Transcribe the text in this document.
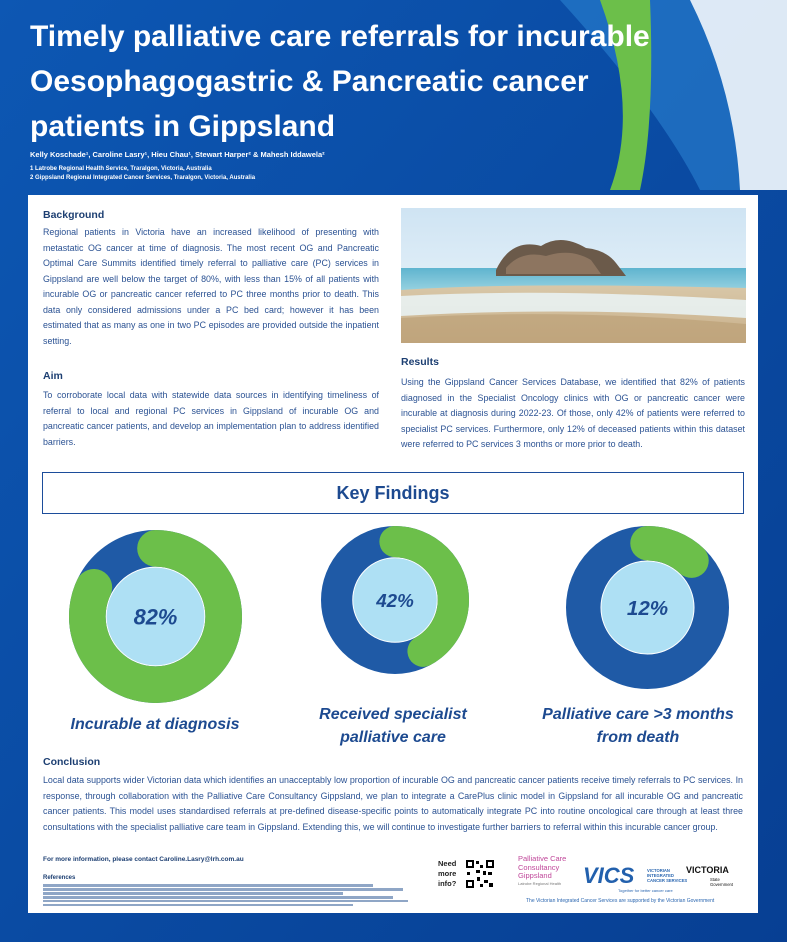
Timely palliative care referrals for incurable Oesophagogastric & Pancreatic cancer patients in Gippsland
Kelly Koschade¹, Caroline Lasry¹, Hieu Chau¹, Stewart Harper² & Mahesh Iddawela²
1 Latrobe Regional Health Service, Traralgon, Victoria, Australia
2 Gippsland Regional Integrated Cancer Services, Traralgon, Victoria, Australia
Background

Regional patients in Victoria have an increased likelihood of presenting with metastatic OG cancer at time of diagnosis. The most recent OG and Pancreatic Optimal Care Summits identified timely referral to palliative care (PC) services in Gippsland are well below the target of 80%, with less than 15% of all patients with incurable OG or pancreatic cancer referred to PC three months prior to death. This data only considered admissions under a PC bed card; however it has been estimated that as many as one in two PC episodes are provided outside the inpatient setting.

Aim

To corroborate local data with statewide data sources in identifying timeliness of referral to local and regional PC services in Gippsland of incurable OG and pancreatic cancer patients, and develop an implementation plan to address identified barriers.

Results

Using the Gippsland Cancer Services Database, we identified that 82% of patients diagnosed in the Specialist Oncology clinics with OG or pancreatic cancer were incurable at diagnosis during 2022-23. Of those, only 42% of patients were referred to specialist PC services. Furthermore, only 12% of deceased patients within this dataset were referred to PC services 3 months or more prior to death.

Key Findings
82%
42%	12%
Incurable at diagnosis
Received specialist palliative care
Palliative care >3 months from death
Conclusion

Local data supports wider Victorian data which identifies an unacceptably low proportion of incurable OG and pancreatic cancer patients receive timely referrals to PC services. In response, through collaboration with the Palliative Care Consultancy Gippsland, we plan to integrate a CarePlus clinic model in Gippsland for all incurable OG and pancreatic cancer patients. This model uses standardised referrals at pre-defined disease-specific points to automatically integrate PC into routine oncological care through at least three consultations with the specialist palliative care team in Gippsland. Extending this, we will continue to investigate further barriers to referral within this incurable cancer group.

For more information, please contact Caroline.Lasry@lrh.com.au
References
Need more info?
Palliative Care
Consultancy
Gippsland
Latrobe Regional Health VICS	VICTORIAN
INTEGRATED
CANCER SERVICES
Together for better cancer care
VICTORIA
State
Government
The Victorian Integrated Cancer Services are supported by the Victorian Government
